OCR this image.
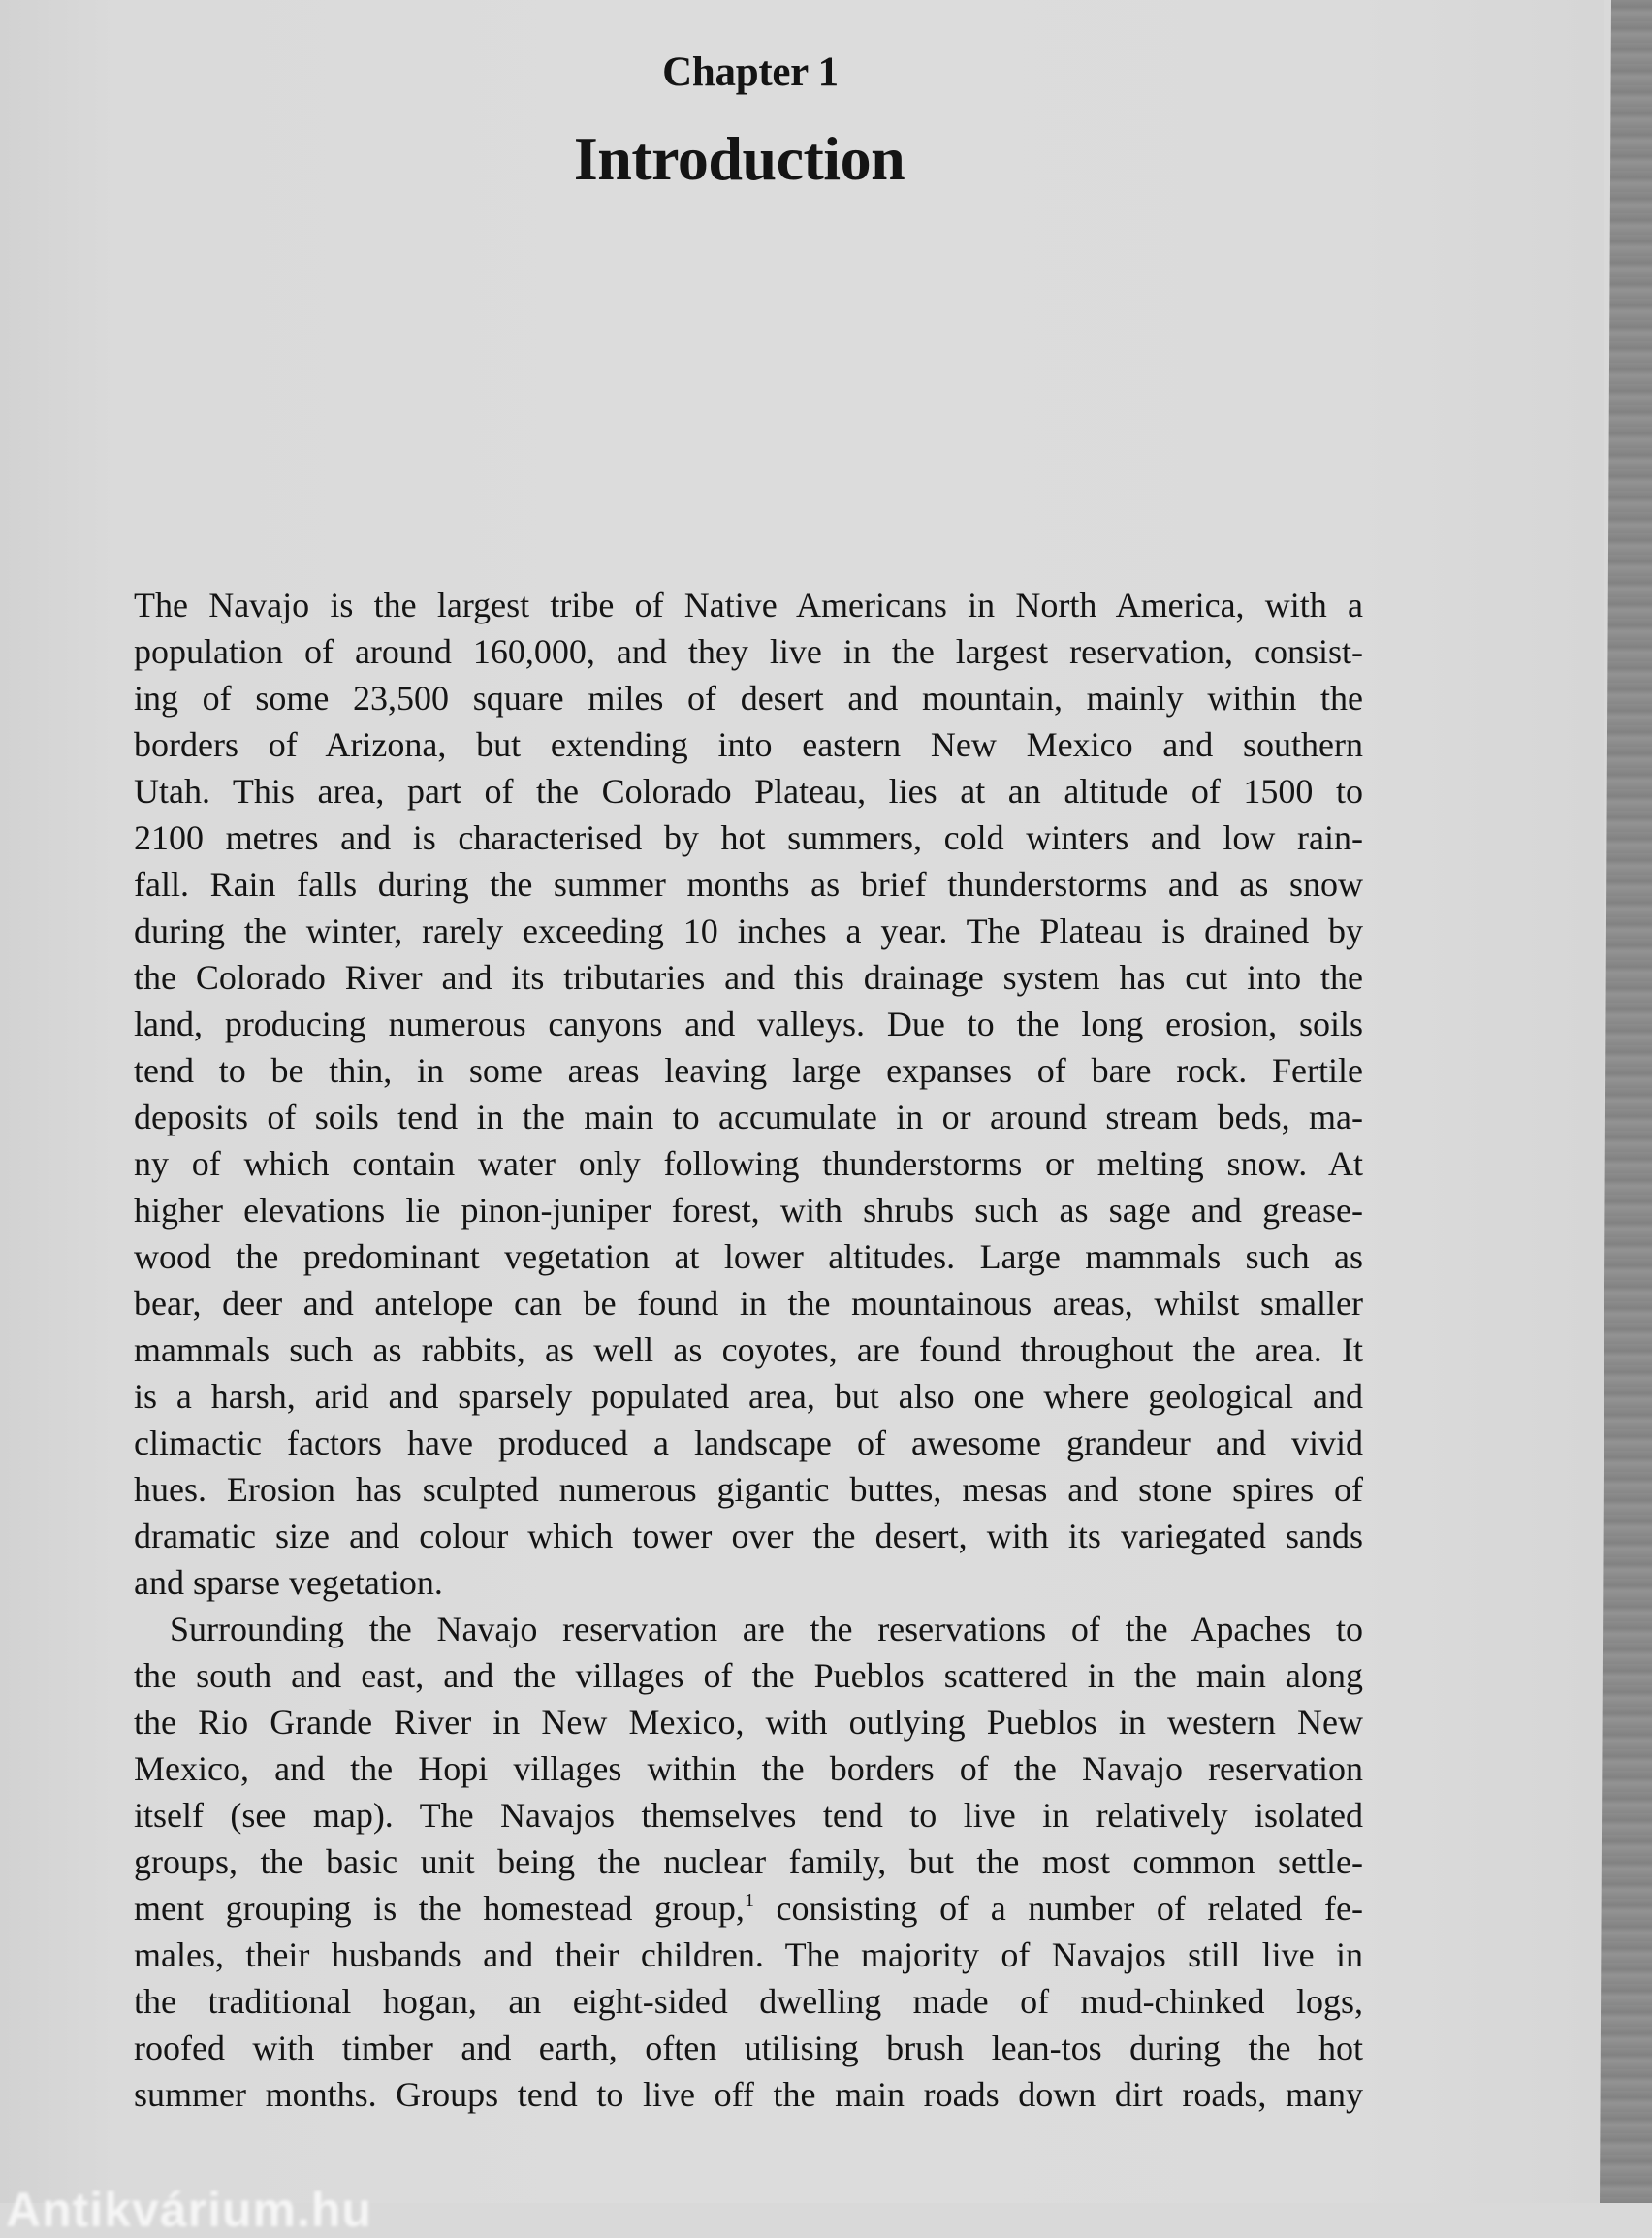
Chapter 1
Introduction
The Navajo is the largest tribe of Native Americans in North America, with a
population of around 160,000, and they live in the largest reservation, consist-
ing of some 23,500 square miles of desert and mountain, mainly within the
borders of Arizona, but extending into eastern New Mexico and southern
Utah. This area, part of the Colorado Plateau, lies at an altitude of 1500 to
2100 metres and is characterised by hot summers, cold winters and low rain-
fall. Rain falls during the summer months as brief thunderstorms and as snow
during the winter, rarely exceeding 10 inches a year. The Plateau is drained by
the Colorado River and its tributaries and this drainage system has cut into the
land, producing numerous canyons and valleys. Due to the long erosion, soils
tend to be thin, in some areas leaving large expanses of bare rock. Fertile
deposits of soils tend in the main to accumulate in or around stream beds, ma-
ny of which contain water only following thunderstorms or melting snow. At
higher elevations lie pinon-juniper forest, with shrubs such as sage and grease-
wood the predominant vegetation at lower altitudes. Large mammals such as
bear, deer and antelope can be found in the mountainous areas, whilst smaller
mammals such as rabbits, as well as coyotes, are found throughout the area. It
is a harsh, arid and sparsely populated area, but also one where geological and
climactic factors have produced a landscape of awesome grandeur and vivid
hues. Erosion has sculpted numerous gigantic buttes, mesas and stone spires of
dramatic size and colour which tower over the desert, with its variegated sands
and sparse vegetation.
Surrounding the Navajo reservation are the reservations of the Apaches to
the south and east, and the villages of the Pueblos scattered in the main along
the Rio Grande River in New Mexico, with outlying Pueblos in western New
Mexico, and the Hopi villages within the borders of the Navajo reservation
itself (see map). The Navajos themselves tend to live in relatively isolated
groups, the basic unit being the nuclear family, but the most common settle-
ment grouping is the homestead group,$^1$ consisting of a number of related fe-
males, their husbands and their children. The majority of Navajos still live in
the traditional hogan, an eight-sided dwelling made of mud-chinked logs,
roofed with timber and earth, often utilising brush lean-tos during the hot
summer months. Groups tend to live off the main roads down dirt roads, many
Antikvárium.hu
